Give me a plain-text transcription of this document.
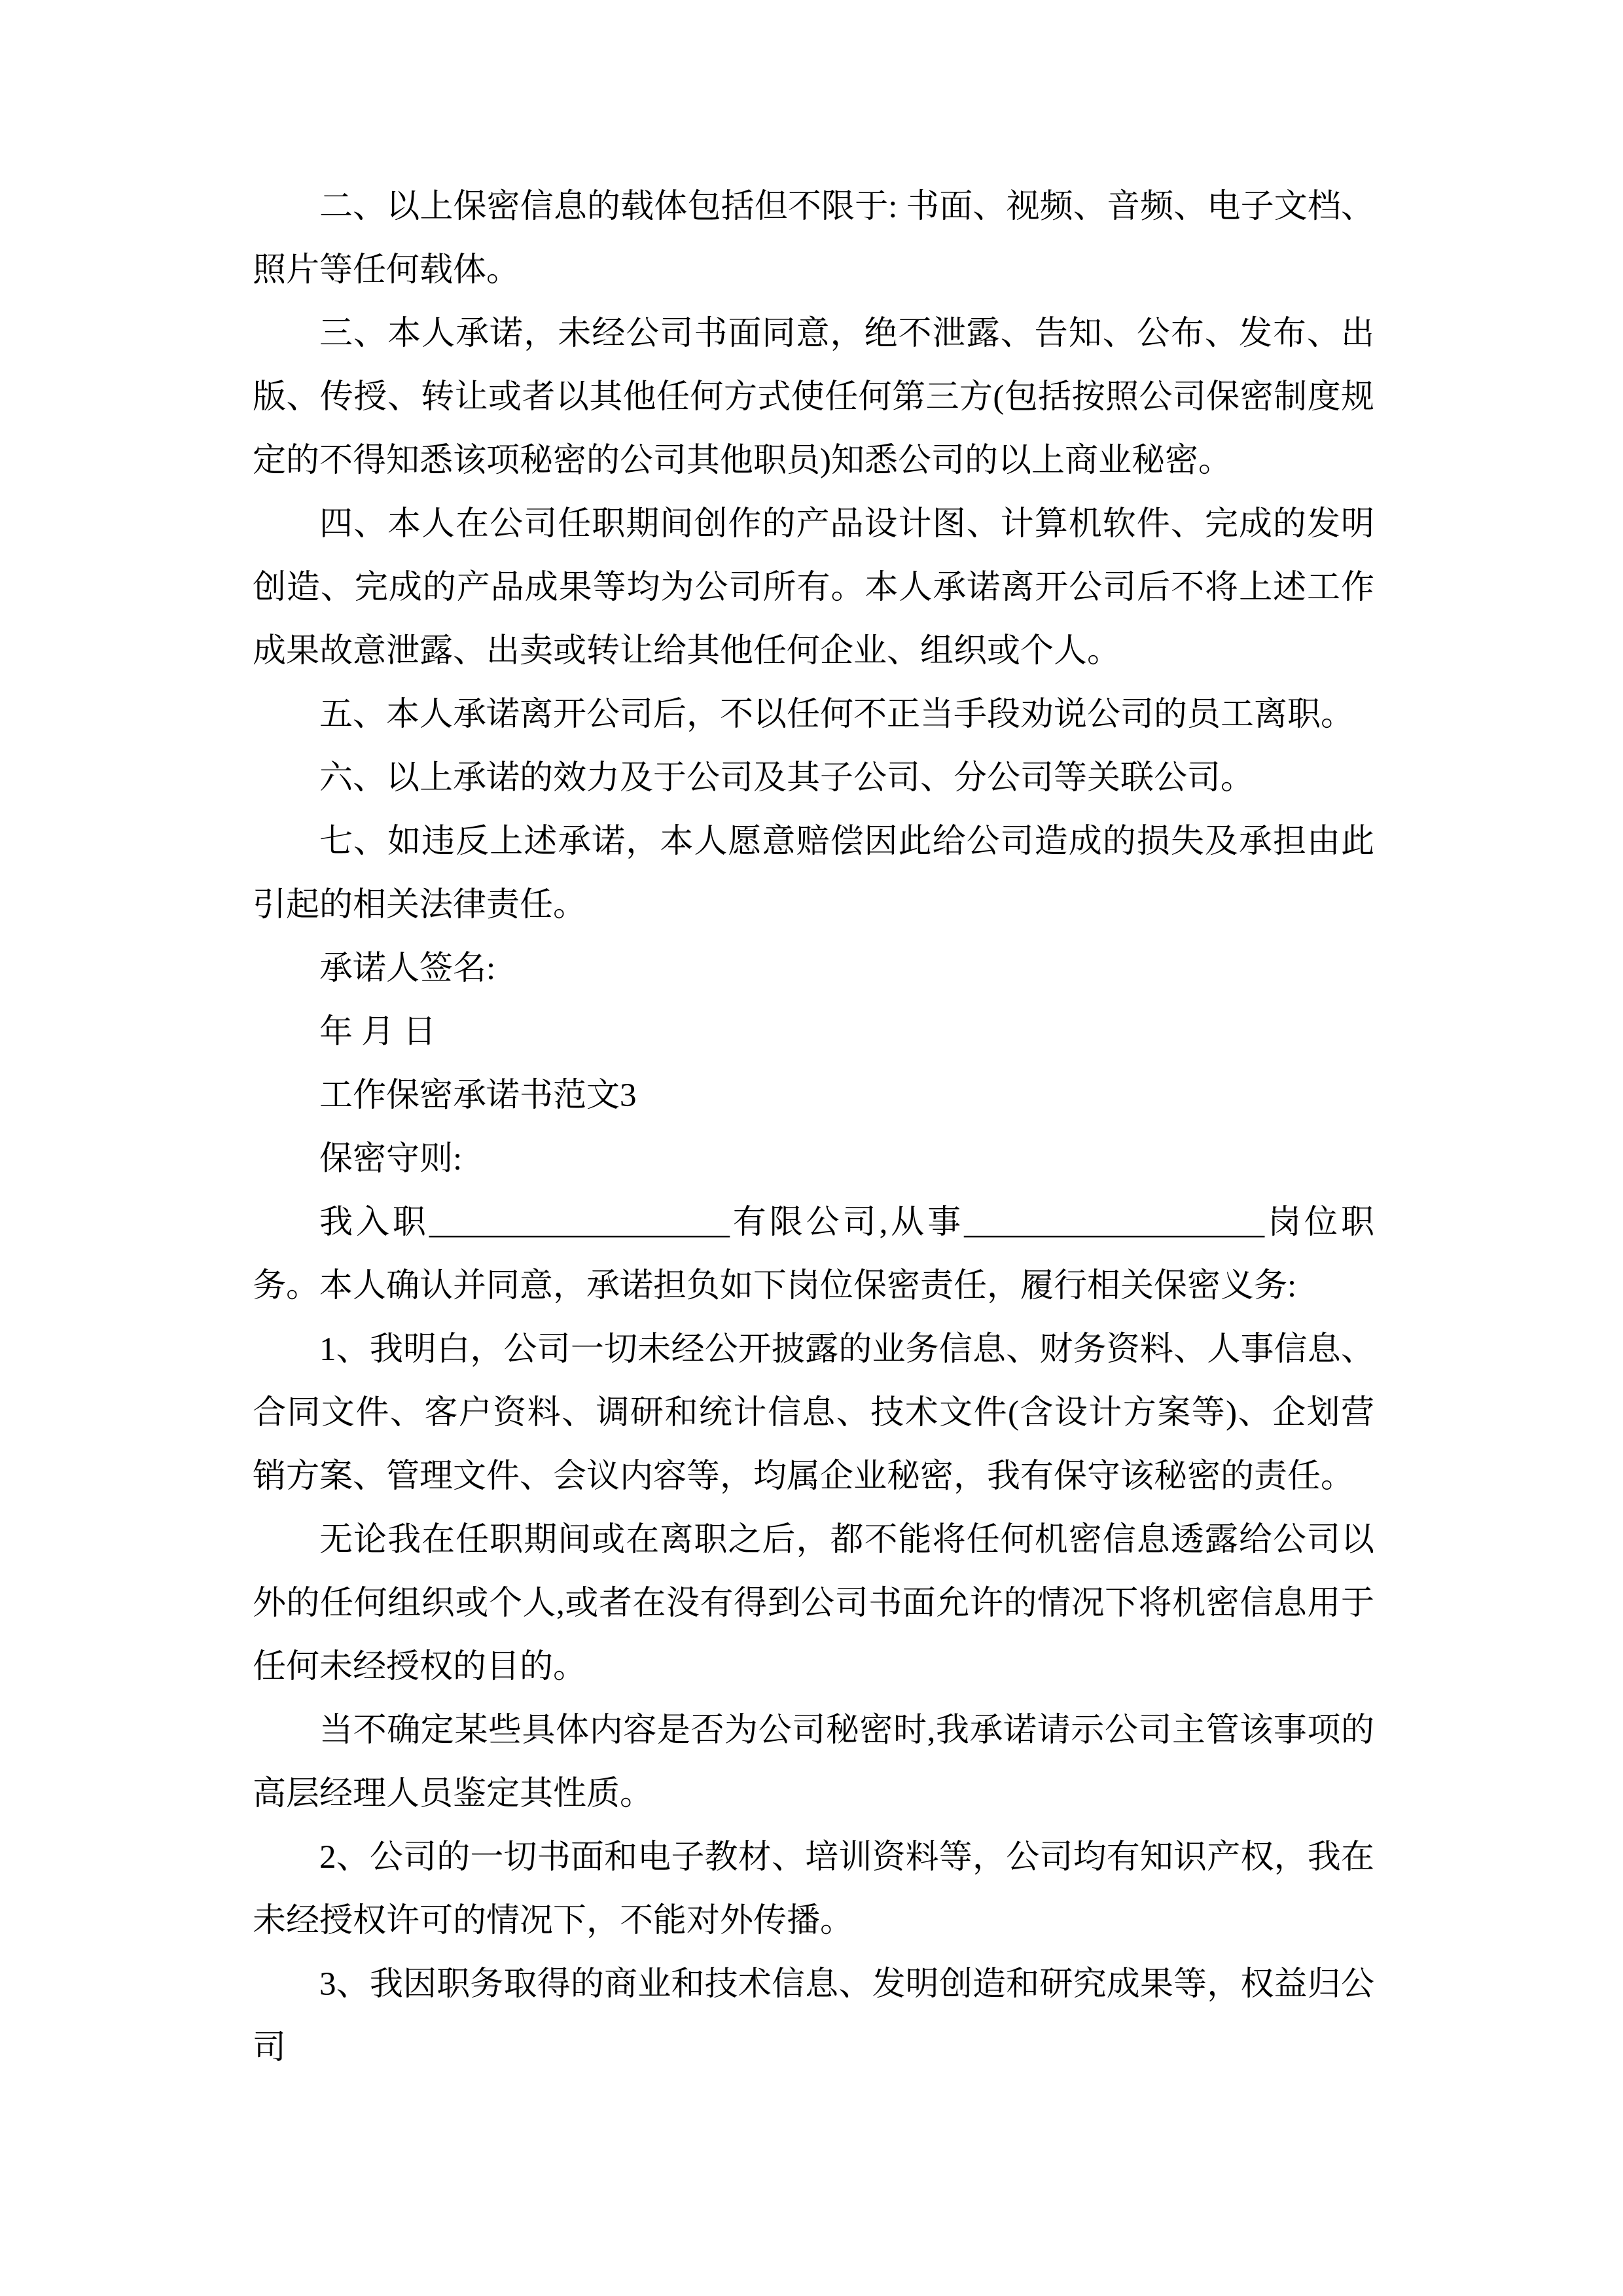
二、以上保密信息的载体包括但不限于: 书面、视频、音频、电子文档、照片等任何载体。

三、本人承诺，未经公司书面同意，绝不泄露、告知、公布、发布、出版、传授、转让或者以其他任何方式使任何第三方(包括按照公司保密制度规定的不得知悉该项秘密的公司其他职员)知悉公司的以上商业秘密。

四、本人在公司任职期间创作的产品设计图、计算机软件、完成的发明创造、完成的产品成果等均为公司所有。本人承诺离开公司后不将上述工作成果故意泄露、出卖或转让给其他任何企业、组织或个人。

五、本人承诺离开公司后，不以任何不正当手段劝说公司的员工离职。

六、以上承诺的效力及于公司及其子公司、分公司等关联公司。

七、如违反上述承诺，本人愿意赔偿因此给公司造成的损失及承担由此引起的相关法律责任。

承诺人签名:

年 月 日

工作保密承诺书范文3

保密守则:

我入职__________________有限公司,从事__________________岗位职务。本人确认并同意，承诺担负如下岗位保密责任，履行相关保密义务:

1、我明白，公司一切未经公开披露的业务信息、财务资料、人事信息、合同文件、客户资料、调研和统计信息、技术文件(含设计方案等)、企划营销方案、管理文件、会议内容等，均属企业秘密，我有保守该秘密的责任。

无论我在任职期间或在离职之后，都不能将任何机密信息透露给公司以外的任何组织或个人,或者在没有得到公司书面允许的情况下将机密信息用于任何未经授权的目的。

当不确定某些具体内容是否为公司秘密时,我承诺请示公司主管该事项的高层经理人员鉴定其性质。

2、公司的一切书面和电子教材、培训资料等，公司均有知识产权，我在未经授权许可的情况下，不能对外传播。

3、我因职务取得的商业和技术信息、发明创造和研究成果等，权益归公司
